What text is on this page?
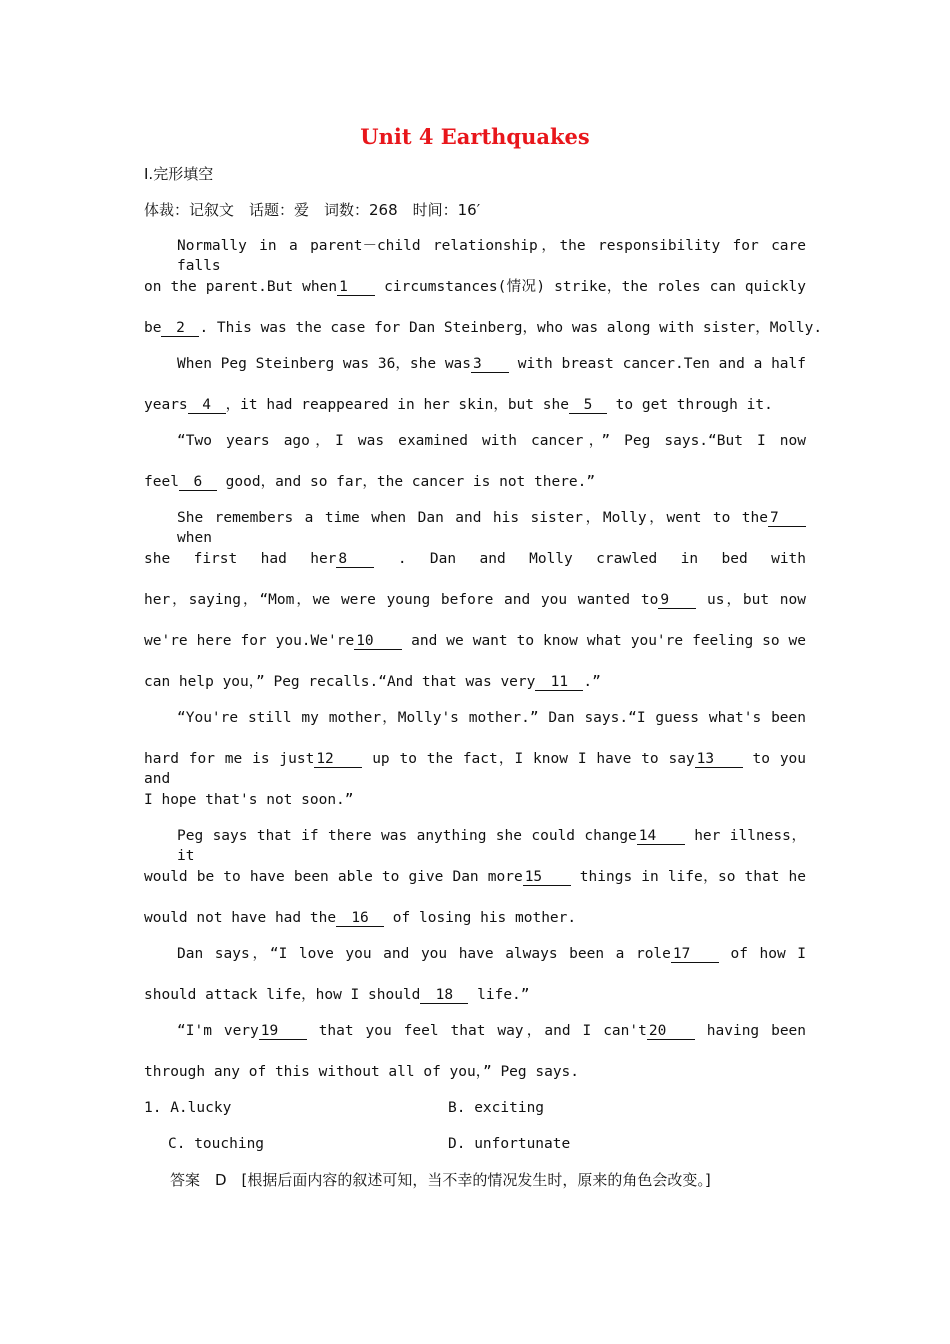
Unit 4 Earthquakes
Ⅰ.完形填空
体裁：记叙文　话题：爱　词数：268　时间：16′
Normally in a parent－child relationship，the responsibility for care falls
on the parent.But when 1	circumstances(情况) strike，the roles can quickly
be 2 . This was the case for Dan Steinberg，who was along with sister，Molly.
When Peg Steinberg was 36，she was 3 with breast cancer.Ten and a half
years 4 ，it had reappeared in her skin，but she 5 to get through it.
“Two years ago，I was examined with cancer，” Peg says.“But I now
feel 6 good，and so far，the cancer is not there.”
She remembers a time when Dan and his sister，Molly，went to the 7 when
she first had her 8	. Dan and Molly crawled in bed with
her，saying，“Mom，we were young before and you wanted to 9	us，but now
we're here for you.We're 10	and we want to know what you're feeling so we
can help you，” Peg recalls.“And that was very 11 .”
“You're still my mother，Molly's mother.” Dan says.“I guess what's been
hard for me is just 12	up to the fact，I know I have to say 13	to you and
I hope that's not soon.”
Peg says that if there was anything she could change 14	her illness，it
would be to have been able to give Dan more 15	things in life，so that he
would not have had the 16 of losing his mother.
Dan says，“I love you and you have always been a role 17	of how I
should attack life，how I should 18 life.”
“I'm very 19	that you feel that way，and I can't 20	having been
through any of this without all of you，” Peg says.
1. A.lucky	B. exciting
C. touching	D. unfortunate
答案　D　[根据后面内容的叙述可知，当不幸的情况发生时，原来的角色会改变。]
